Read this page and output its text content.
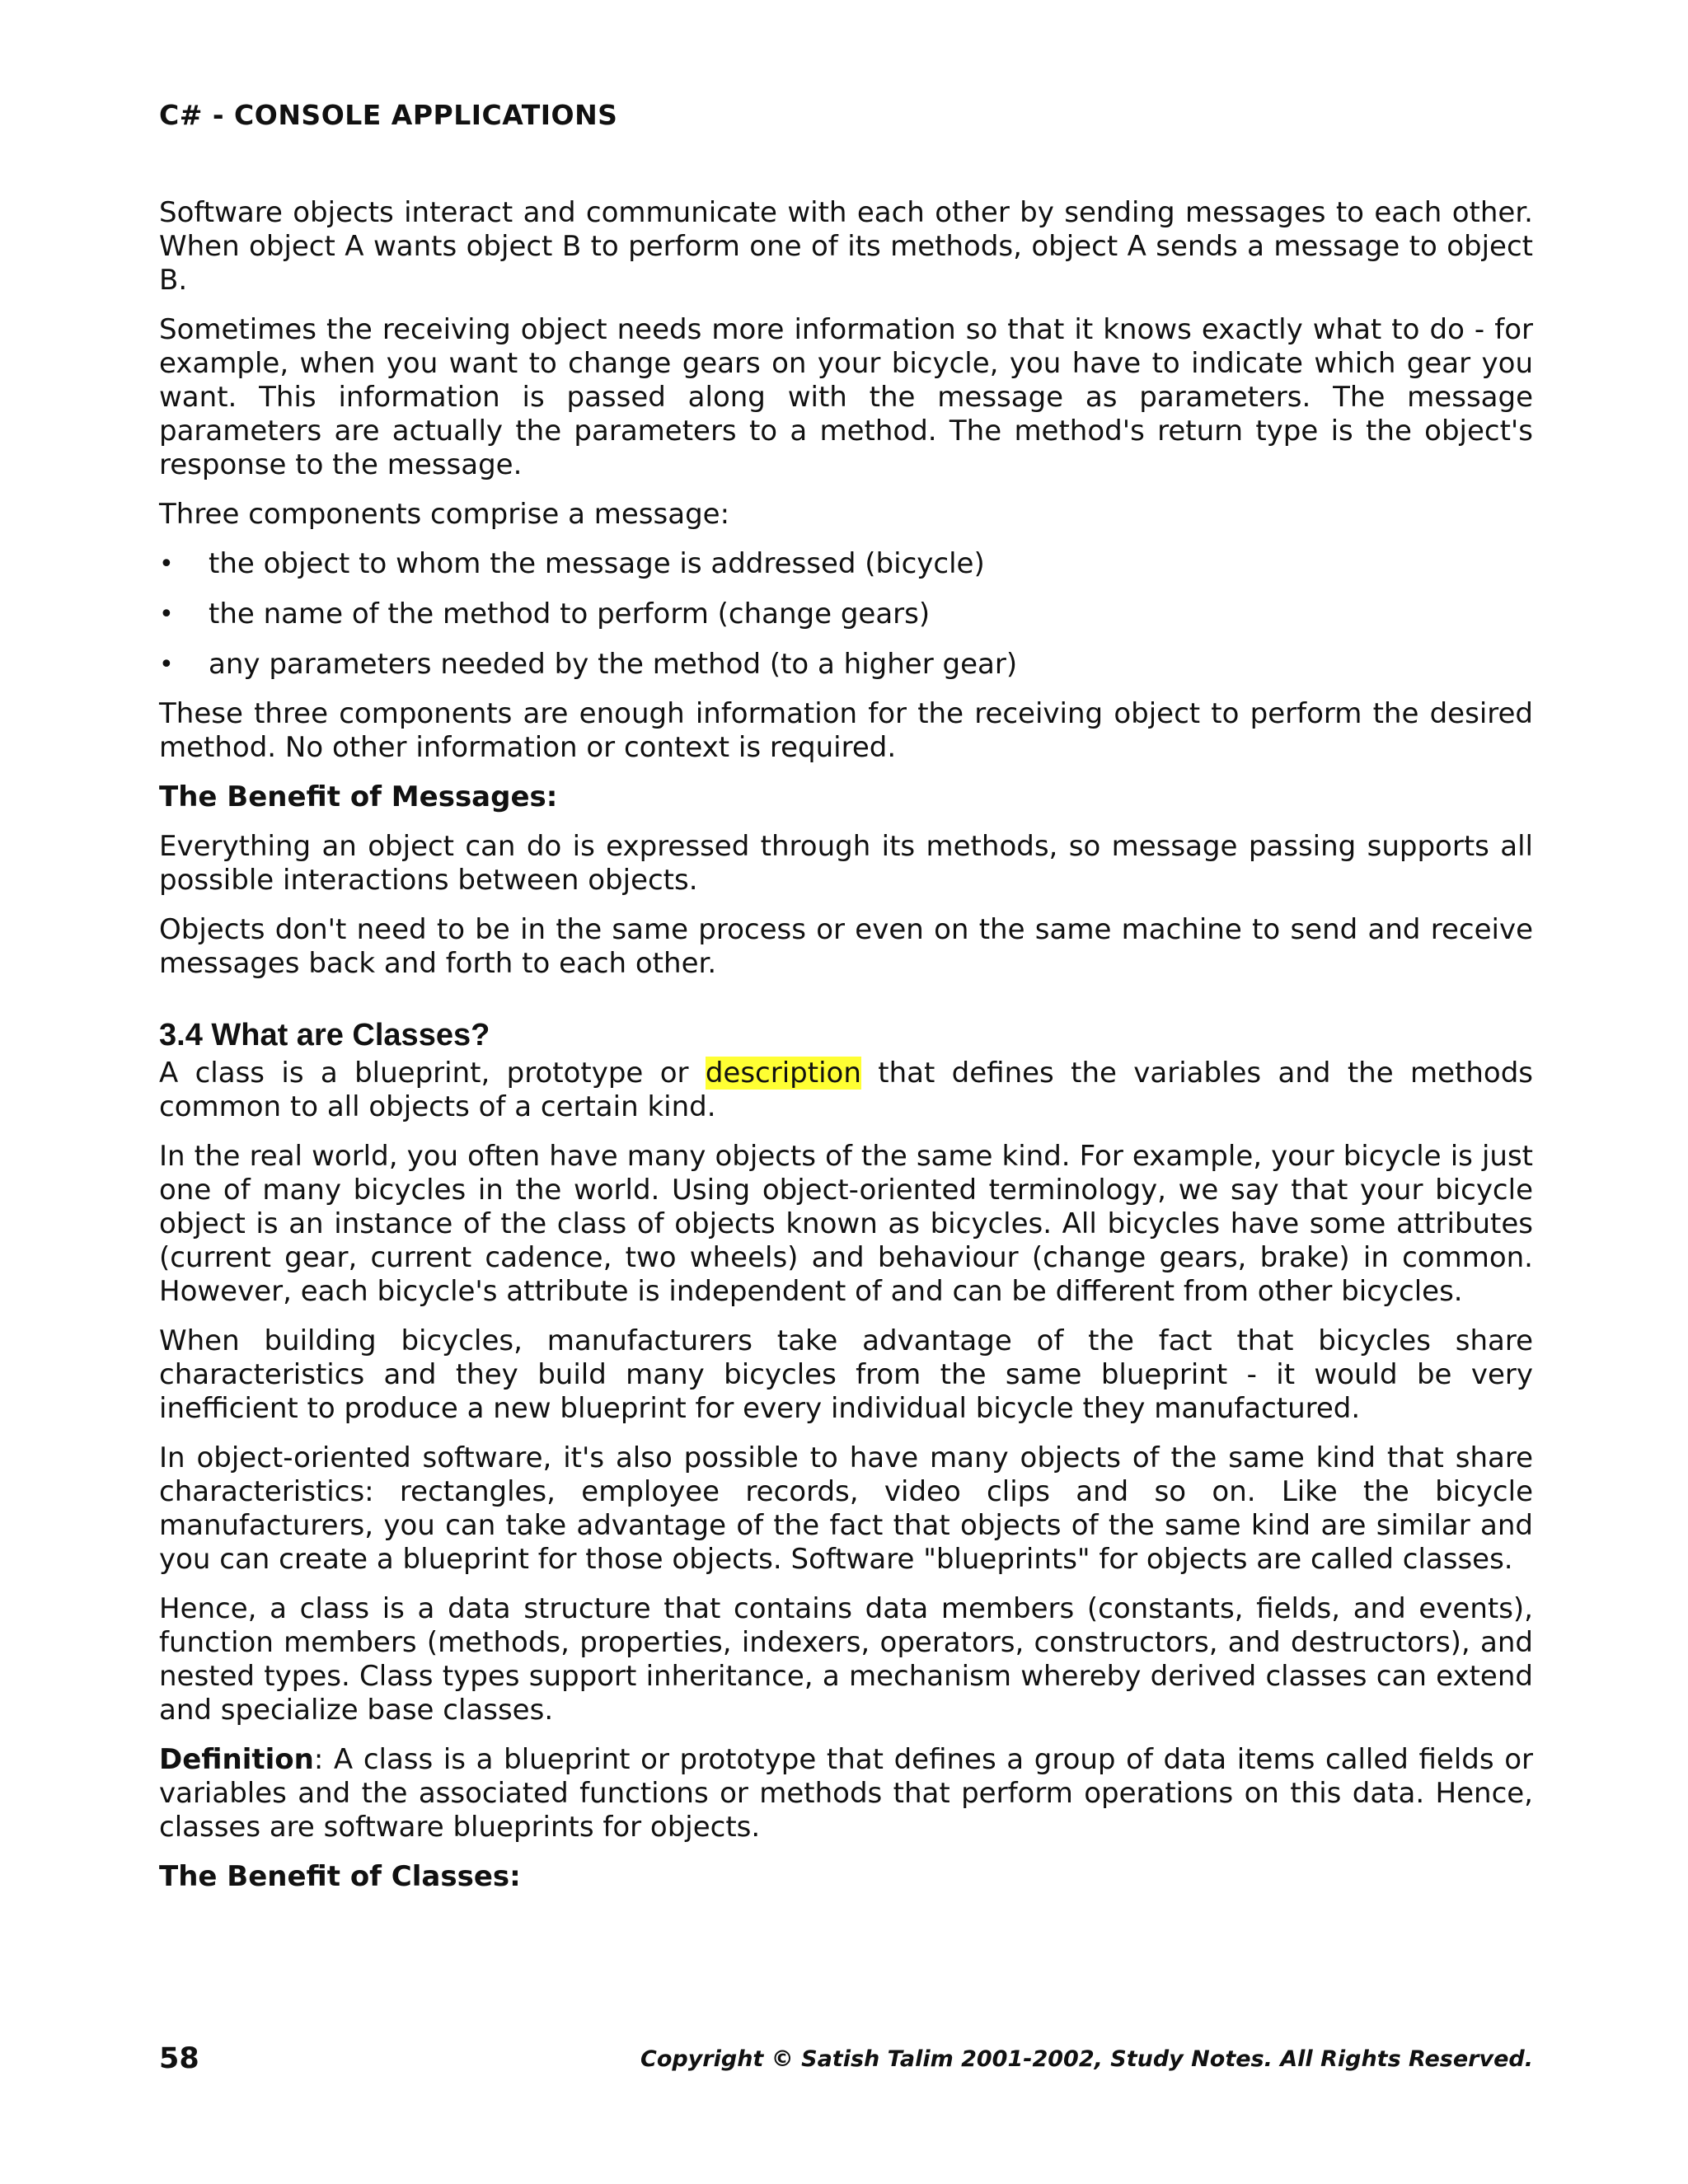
C# - CONSOLE APPLICATIONS

Software objects interact and communicate with each other by sending messages to each other. When object A wants object B to perform one of its methods, object A sends a message to object B.

Sometimes the receiving object needs more information so that it knows exactly what to do - for example, when you want to change gears on your bicycle, you have to indicate which gear you want. This information is passed along with the message as parameters. The message parameters are actually the parameters to a method. The method's return type is the object's response to the message.

Three components comprise a message:

• the object to whom the message is addressed (bicycle)
• the name of the method to perform (change gears)
• any parameters needed by the method (to a higher gear)

These three components are enough information for the receiving object to perform the desired method. No other information or context is required.

The Benefit of Messages:

Everything an object can do is expressed through its methods, so message passing supports all possible interactions between objects.

Objects don't need to be in the same process or even on the same machine to send and receive messages back and forth to each other.

3.4 What are Classes?

A class is a blueprint, prototype or description that defines the variables and the methods common to all objects of a certain kind.

In the real world, you often have many objects of the same kind. For example, your bicycle is just one of many bicycles in the world. Using object-oriented terminology, we say that your bicycle object is an instance of the class of objects known as bicycles. All bicycles have some attributes (current gear, current cadence, two wheels) and behaviour (change gears, brake) in common. However, each bicycle's attribute is independent of and can be different from other bicycles.

When building bicycles, manufacturers take advantage of the fact that bicycles share characteristics and they build many bicycles from the same blueprint - it would be very inefficient to produce a new blueprint for every individual bicycle they manufactured.

In object-oriented software, it's also possible to have many objects of the same kind that share characteristics: rectangles, employee records, video clips and so on. Like the bicycle manufacturers, you can take advantage of the fact that objects of the same kind are similar and you can create a blueprint for those objects. Software "blueprints" for objects are called classes.

Hence, a class is a data structure that contains data members (constants, fields, and events), function members (methods, properties, indexers, operators, constructors, and destructors), and nested types. Class types support inheritance, a mechanism whereby derived classes can extend and specialize base classes.

Definition: A class is a blueprint or prototype that defines a group of data items called fields or variables and the associated functions or methods that perform operations on this data. Hence, classes are software blueprints for objects.

The Benefit of Classes:
58	Copyright © Satish Talim 2001-2002, Study Notes. All Rights Reserved.
